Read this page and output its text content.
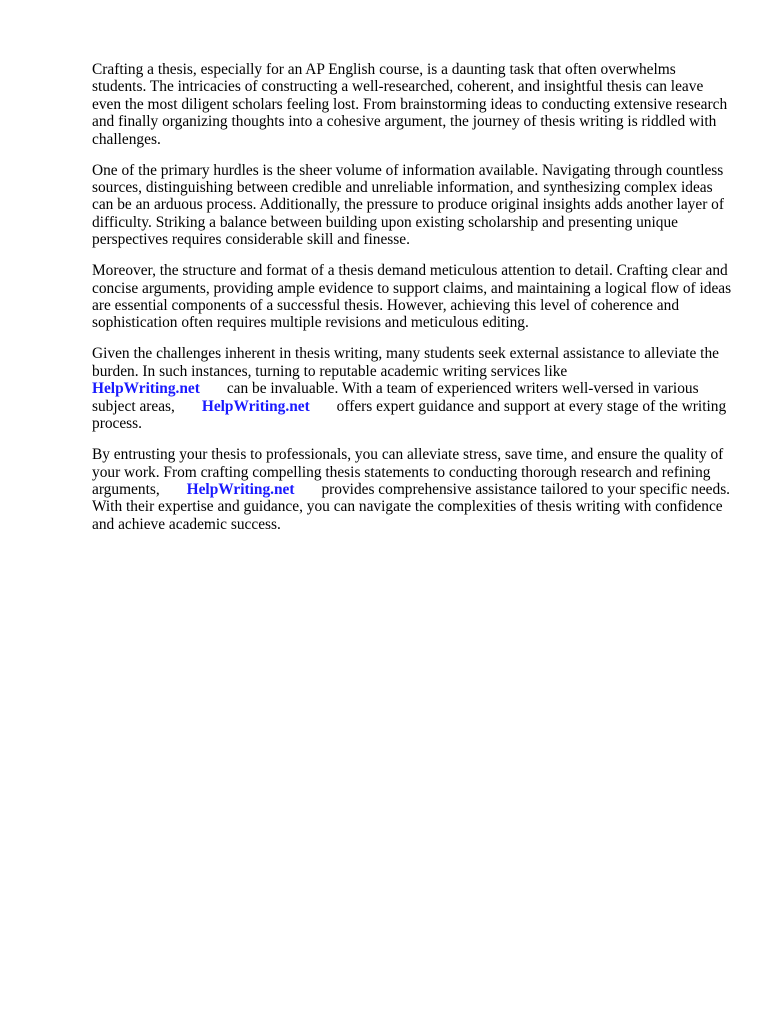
Crafting a thesis, especially for an AP English course, is a daunting task that often overwhelms students. The intricacies of constructing a well-researched, coherent, and insightful thesis can leave even the most diligent scholars feeling lost. From brainstorming ideas to conducting extensive research and finally organizing thoughts into a cohesive argument, the journey of thesis writing is riddled with challenges.

One of the primary hurdles is the sheer volume of information available. Navigating through countless sources, distinguishing between credible and unreliable information, and synthesizing complex ideas can be an arduous process. Additionally, the pressure to produce original insights adds another layer of difficulty. Striking a balance between building upon existing scholarship and presenting unique perspectives requires considerable skill and finesse.

Moreover, the structure and format of a thesis demand meticulous attention to detail. Crafting clear and concise arguments, providing ample evidence to support claims, and maintaining a logical flow of ideas are essential components of a successful thesis. However, achieving this level of coherence and sophistication often requires multiple revisions and meticulous editing.

Given the challenges inherent in thesis writing, many students seek external assistance to alleviate the burden. In such instances, turning to reputable academic writing services like
HelpWriting.net can be invaluable. With a team of experienced writers well-versed in various subject areas, HelpWriting.net offers expert guidance and support at every stage of the writing process.

By entrusting your thesis to professionals, you can alleviate stress, save time, and ensure the quality of your work. From crafting compelling thesis statements to conducting thorough research and refining arguments, HelpWriting.net provides comprehensive assistance tailored to your specific needs. With their expertise and guidance, you can navigate the complexities of thesis writing with confidence and achieve academic success.
